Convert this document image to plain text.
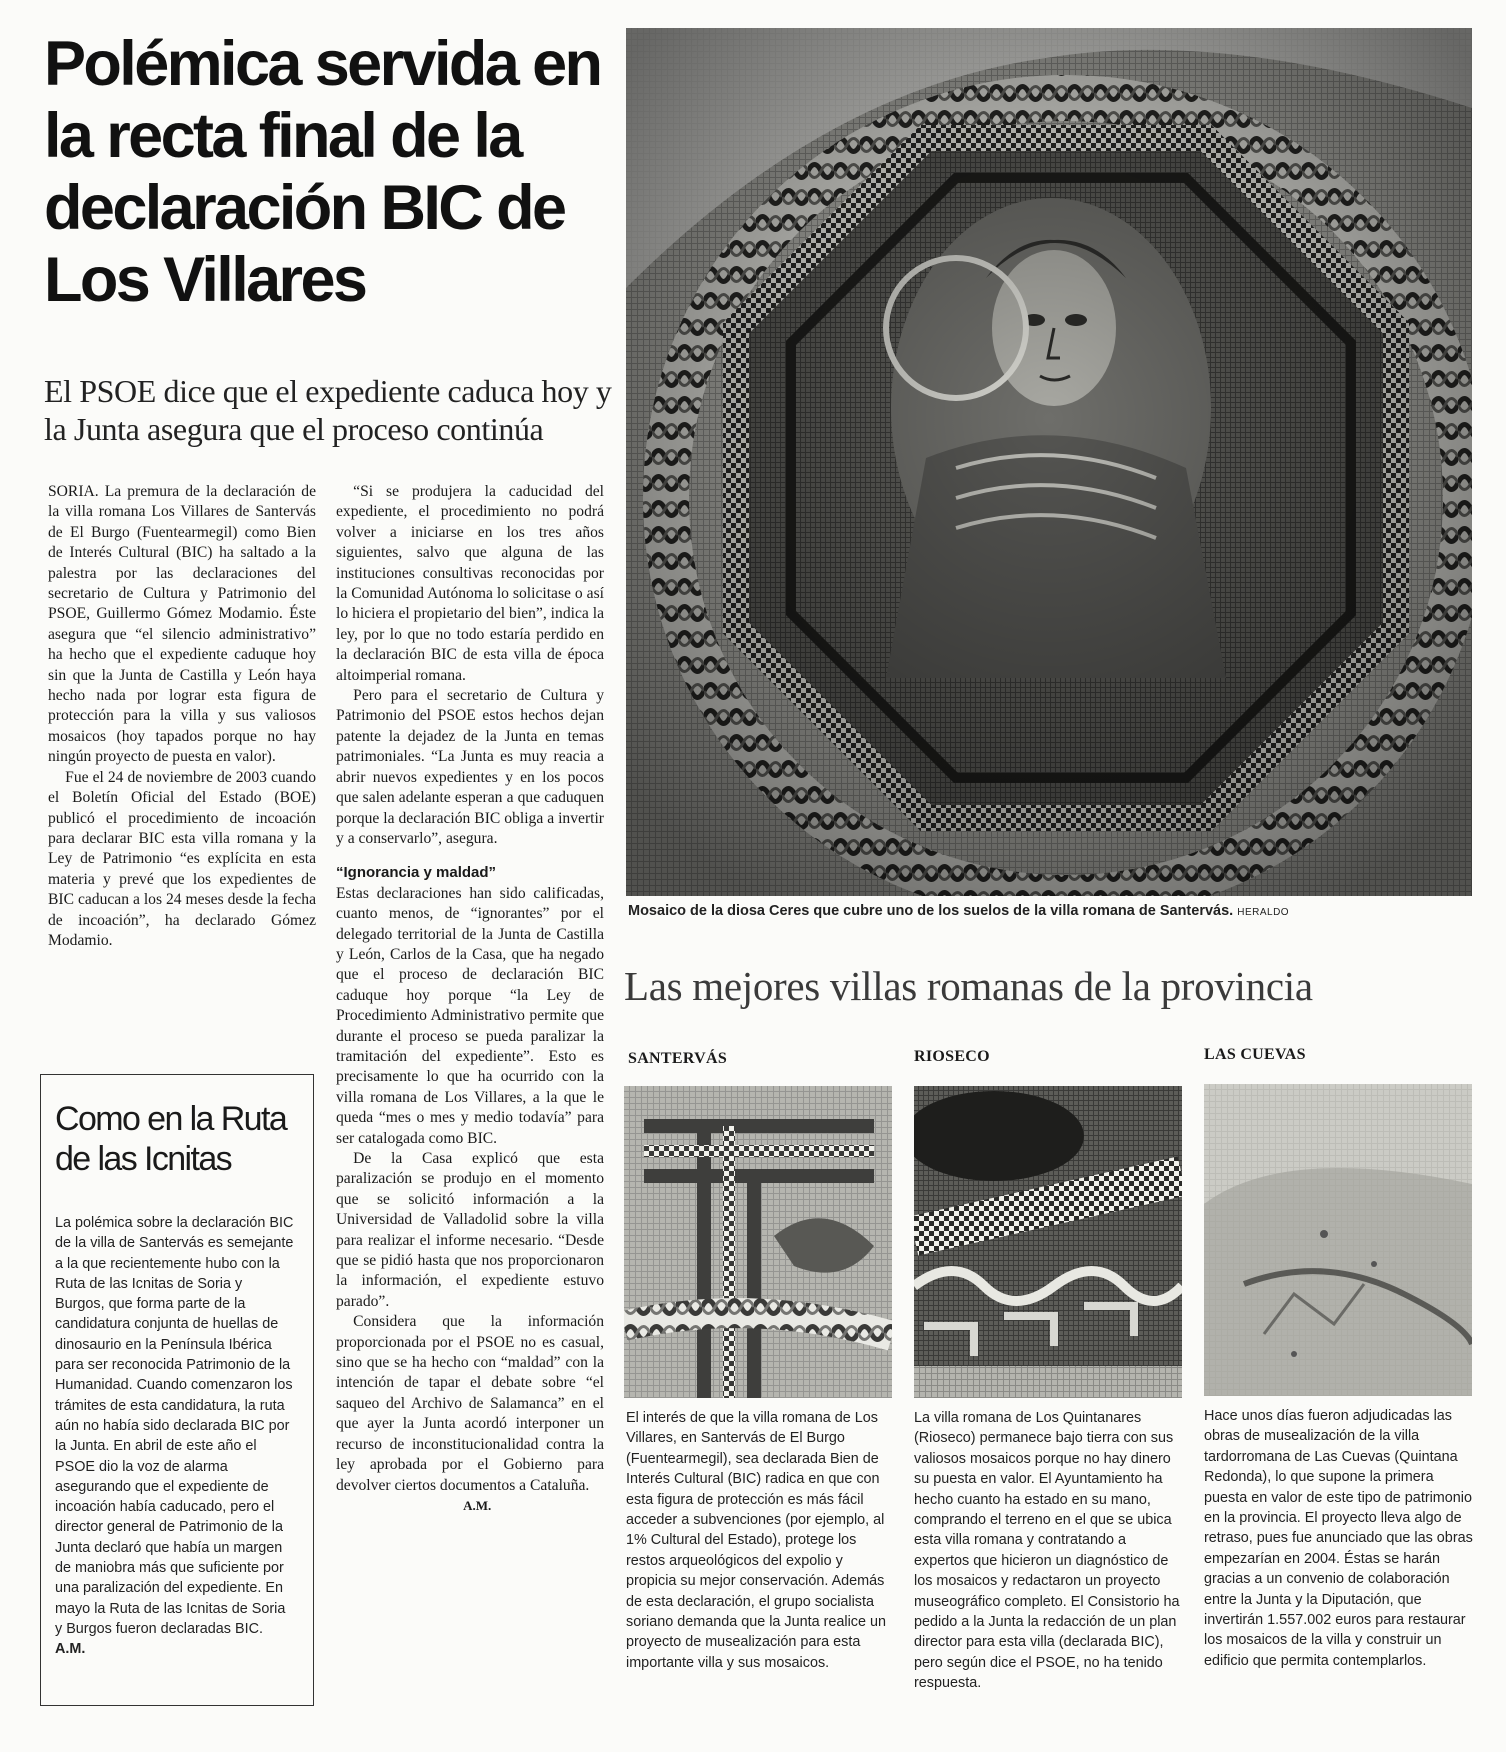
Polémica servida en la recta final de la declaración BIC de Los Villares
El PSOE dice que el expediente caduca hoy y la Junta asegura que el proceso continúa

SORIA. La premura de la declaración de la villa romana Los Villares de Santervás de El Burgo (Fuentearmegil) como Bien de Interés Cultural (BIC) ha saltado a la palestra por las declaraciones del secretario de Cultura y Patrimonio del PSOE, Guillermo Gómez Modamio. Éste asegura que “el silencio administrativo” ha hecho que el expediente caduque hoy sin que la Junta de Castilla y León haya hecho nada por lograr esta figura de protección para la villa y sus valiosos mosaicos (hoy tapados porque no hay ningún proyecto de puesta en valor).

Fue el 24 de noviembre de 2003 cuando el Boletín Oficial del Estado (BOE) publicó el procedimiento de incoación para declarar BIC esta villa romana y la Ley de Patrimonio “es explícita en esta materia y prevé que los expedientes de BIC caducan a los 24 meses desde la fecha de incoación”, ha declarado Gómez Modamio.

“Si se produjera la caducidad del expediente, el procedimiento no podrá volver a iniciarse en los tres años siguientes, salvo que alguna de las instituciones consultivas reconocidas por la Comunidad Autónoma lo solicitase o así lo hiciera el propietario del bien”, indica la ley, por lo que no todo estaría perdido en la declaración BIC de esta villa de época altoimperial romana.

Pero para el secretario de Cultura y Patrimonio del PSOE estos hechos dejan patente la dejadez de la Junta en temas patrimoniales. “La Junta es muy reacia a abrir nuevos expedientes y en los pocos que salen adelante esperan a que caduquen porque la declaración BIC obliga a invertir y a conservarlo”, asegura.

“Ignorancia y maldad”

Estas declaraciones han sido calificadas, cuanto menos, de “ignorantes” por el delegado territorial de la Junta de Castilla y León, Carlos de la Casa, que ha negado que el proceso de declaración BIC caduque hoy porque “la Ley de Procedimiento Administrativo permite que durante el proceso se pueda paralizar la tramitación del expediente”. Esto es precisamente lo que ha ocurrido con la villa romana de Los Villares, a la que le queda “mes o mes y medio todavía” para ser catalogada como BIC.

De la Casa explicó que esta paralización se produjo en el momento que se solicitó información a la Universidad de Valladolid sobre la villa para realizar el informe necesario. “Desde que se pidió hasta que nos proporcionaron la información, el expediente estuvo parado”.

Considera que la información proporcionada por el PSOE no es casual, sino que se ha hecho con “maldad” con la intención de tapar el debate sobre “el saqueo del Archivo de Salamanca” en el que ayer la Junta acordó interponer un recurso de inconstitucionalidad contra la ley aprobada por el Gobierno para devolver ciertos documentos a Cataluña.

A.M.

Como en la Ruta de las Icnitas
La polémica sobre la declaración BIC de la villa de Santervás es semejante a la que recientemente hubo con la Ruta de las Icnitas de Soria y Burgos, que forma parte de la candidatura conjunta de huellas de dinosaurio en la Península Ibérica para ser reconocida Patrimonio de la Humanidad. Cuando comenzaron los trámites de esta candidatura, la ruta aún no había sido declarada BIC por la Junta. En abril de este año el PSOE dio la voz de alarma asegurando que el expediente de incoación había caducado, pero el director general de Patrimonio de la Junta declaró que había un margen de maniobra más que suficiente por una paralización del expediente. En mayo la Ruta de las Icnitas de Soria y Burgos fueron declaradas BIC. A.M.
Mosaico de la diosa Ceres que cubre uno de los suelos de la villa romana de Santervás. HERALDO
Las mejores villas romanas de la provincia
SANTERVÁS	RIOSECO	LAS CUEVAS
El interés de que la villa romana de Los Villares, en Santervás de El Burgo (Fuentearmegil), sea declarada Bien de Interés Cultural (BIC) radica en que con esta figura de protección es más fácil acceder a subvenciones (por ejemplo, al 1% Cultural del Estado), protege los restos arqueológicos del expolio y propicia su mejor conservación. Además de esta declaración, el grupo socialista soriano demanda que la Junta realice un proyecto de musealización para esta importante villa y sus mosaicos.
La villa romana de Los Quintanares (Rioseco) permanece bajo tierra con sus valiosos mosaicos porque no hay dinero su puesta en valor. El Ayuntamiento ha hecho cuanto ha estado en su mano, comprando el terreno en el que se ubica esta villa romana y contratando a expertos que hicieron un diagnóstico de los mosaicos y redactaron un proyecto museográfico completo. El Consistorio ha pedido a la Junta la redacción de un plan director para esta villa (declarada BIC), pero según dice el PSOE, no ha tenido respuesta.
Hace unos días fueron adjudicadas las obras de musealización de la villa tardorromana de Las Cuevas (Quintana Redonda), lo que supone la primera puesta en valor de este tipo de patrimonio en la provincia. El proyecto lleva algo de retraso, pues fue anunciado que las obras empezarían en 2004. Éstas se harán gracias a un convenio de colaboración entre la Junta y la Diputación, que invertirán 1.557.002 euros para restaurar los mosaicos de la villa y construir un edificio que permita contemplarlos.
